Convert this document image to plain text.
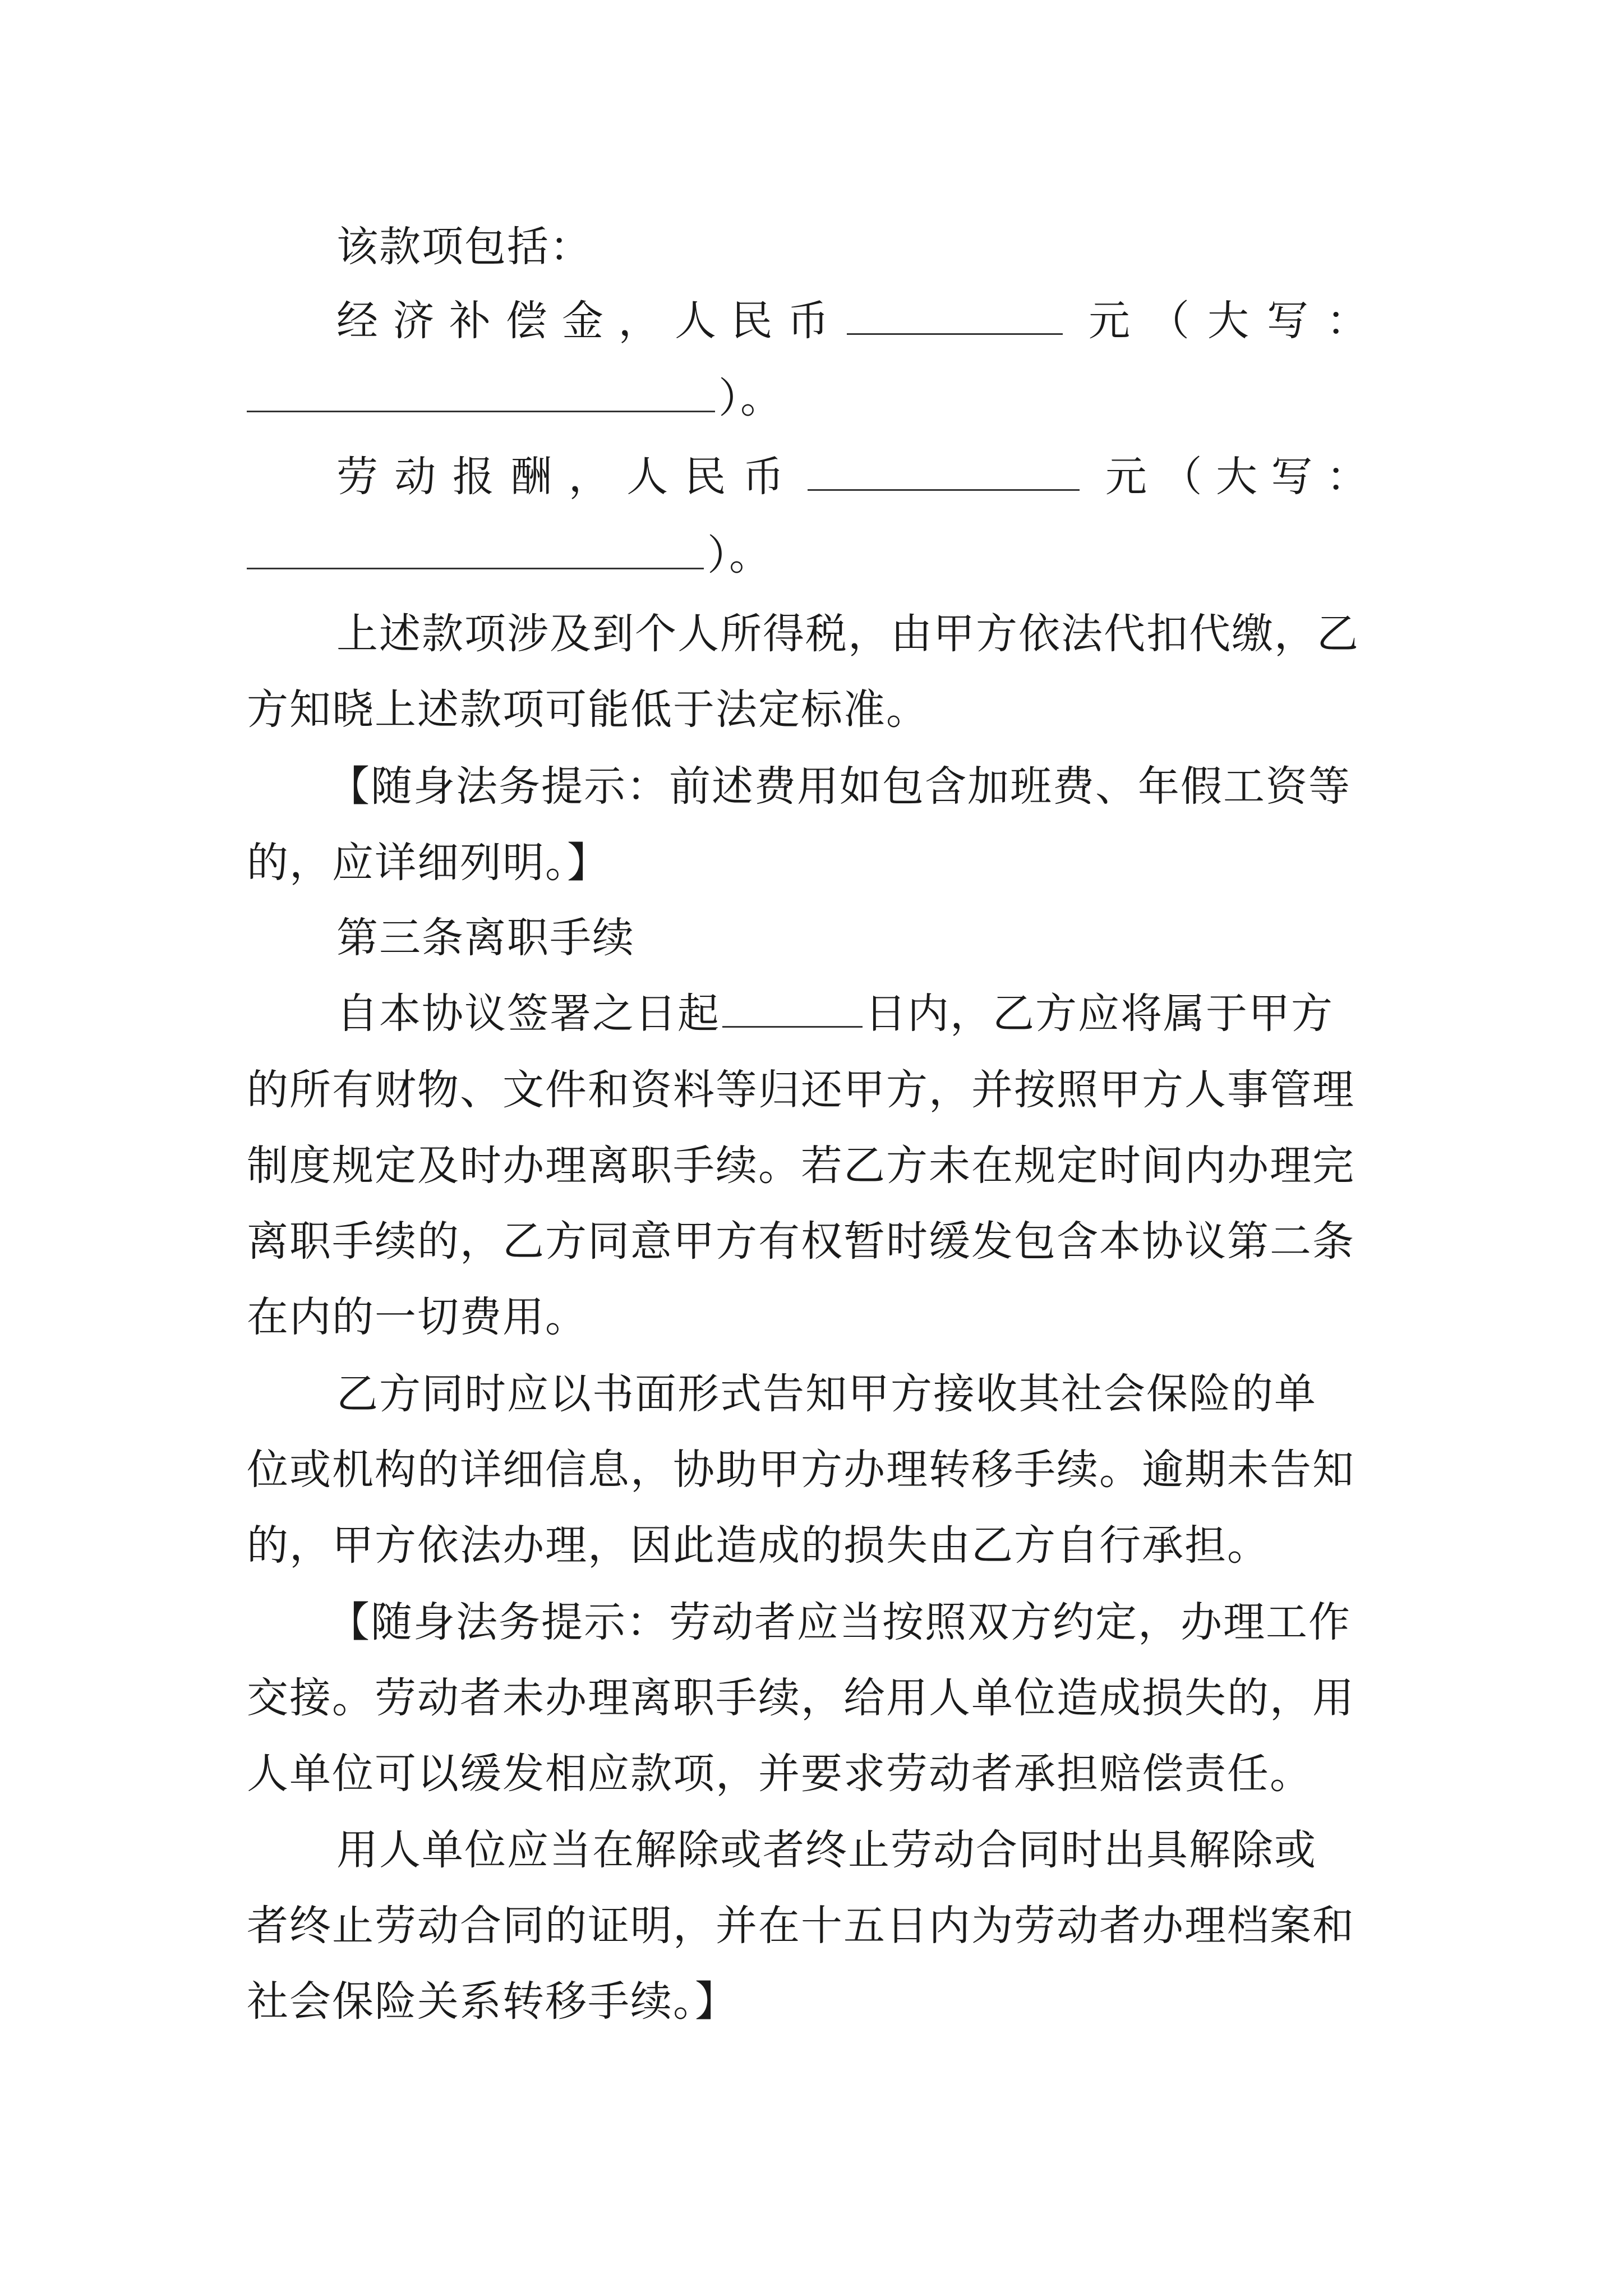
该款项包括：
经 济 补 偿 金 ， 人 民 币	元 （ 大 写 ：
）。
劳 动 报 酬 ， 人 民 币	元 （ 大 写 ：
）。
上述款项涉及到个人所得税，由甲方依法代扣代缴，乙
方知晓上述款项可能低于法定标准。
【随身法务提示：前述费用如包含加班费、年假工资等
的，应详细列明。】
第三条离职手续
自本协议签署之日起	日内，乙方应将属于甲方
的所有财物、文件和资料等归还甲方，并按照甲方人事管理
制度规定及时办理离职手续。若乙方未在规定时间内办理完
离职手续的，乙方同意甲方有权暂时缓发包含本协议第二条
在内的一切费用。
乙方同时应以书面形式告知甲方接收其社会保险的单
位或机构的详细信息，协助甲方办理转移手续。逾期未告知
的，甲方依法办理，因此造成的损失由乙方自行承担。
【随身法务提示：劳动者应当按照双方约定，办理工作
交接。劳动者未办理离职手续，给用人单位造成损失的，用
人单位可以缓发相应款项，并要求劳动者承担赔偿责任。
用人单位应当在解除或者终止劳动合同时出具解除或
者终止劳动合同的证明，并在十五日内为劳动者办理档案和
社会保险关系转移手续。】
